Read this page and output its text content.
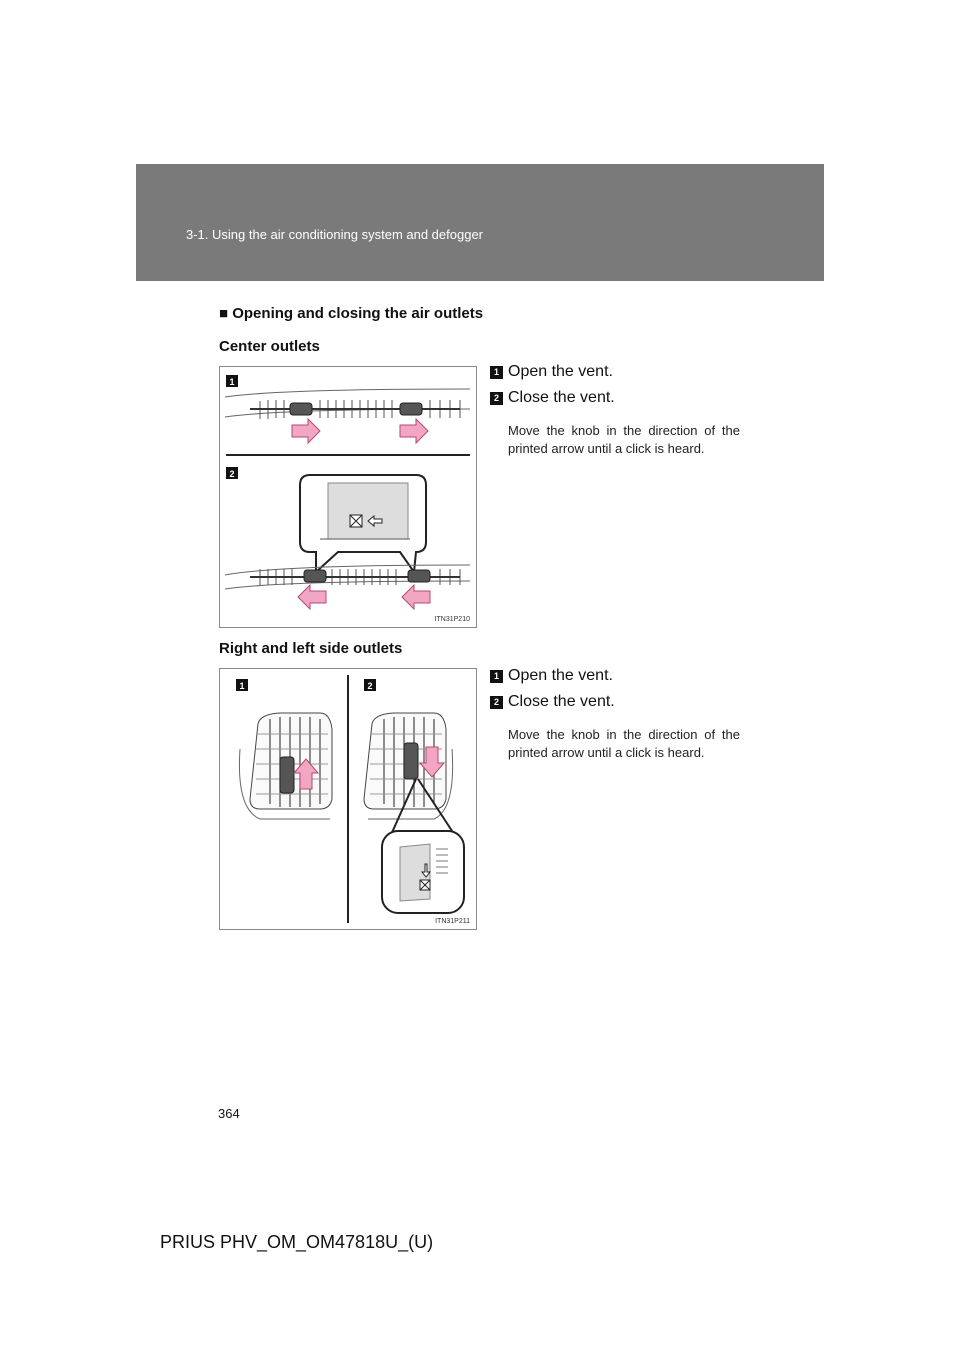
3-1. Using the air conditioning system and defogger
■ Opening and closing the air outlets
Center outlets
1
2
ITN31P210
1 Open the vent.
2 Close the vent.
Move the knob in the direction of the printed arrow until a click is heard.
Right and left side outlets
1	2
ITN31P211
1 Open the vent.
2 Close the vent.
Move the knob in the direction of the printed arrow until a click is heard.
364
PRIUS PHV_OM_OM47818U_(U)
